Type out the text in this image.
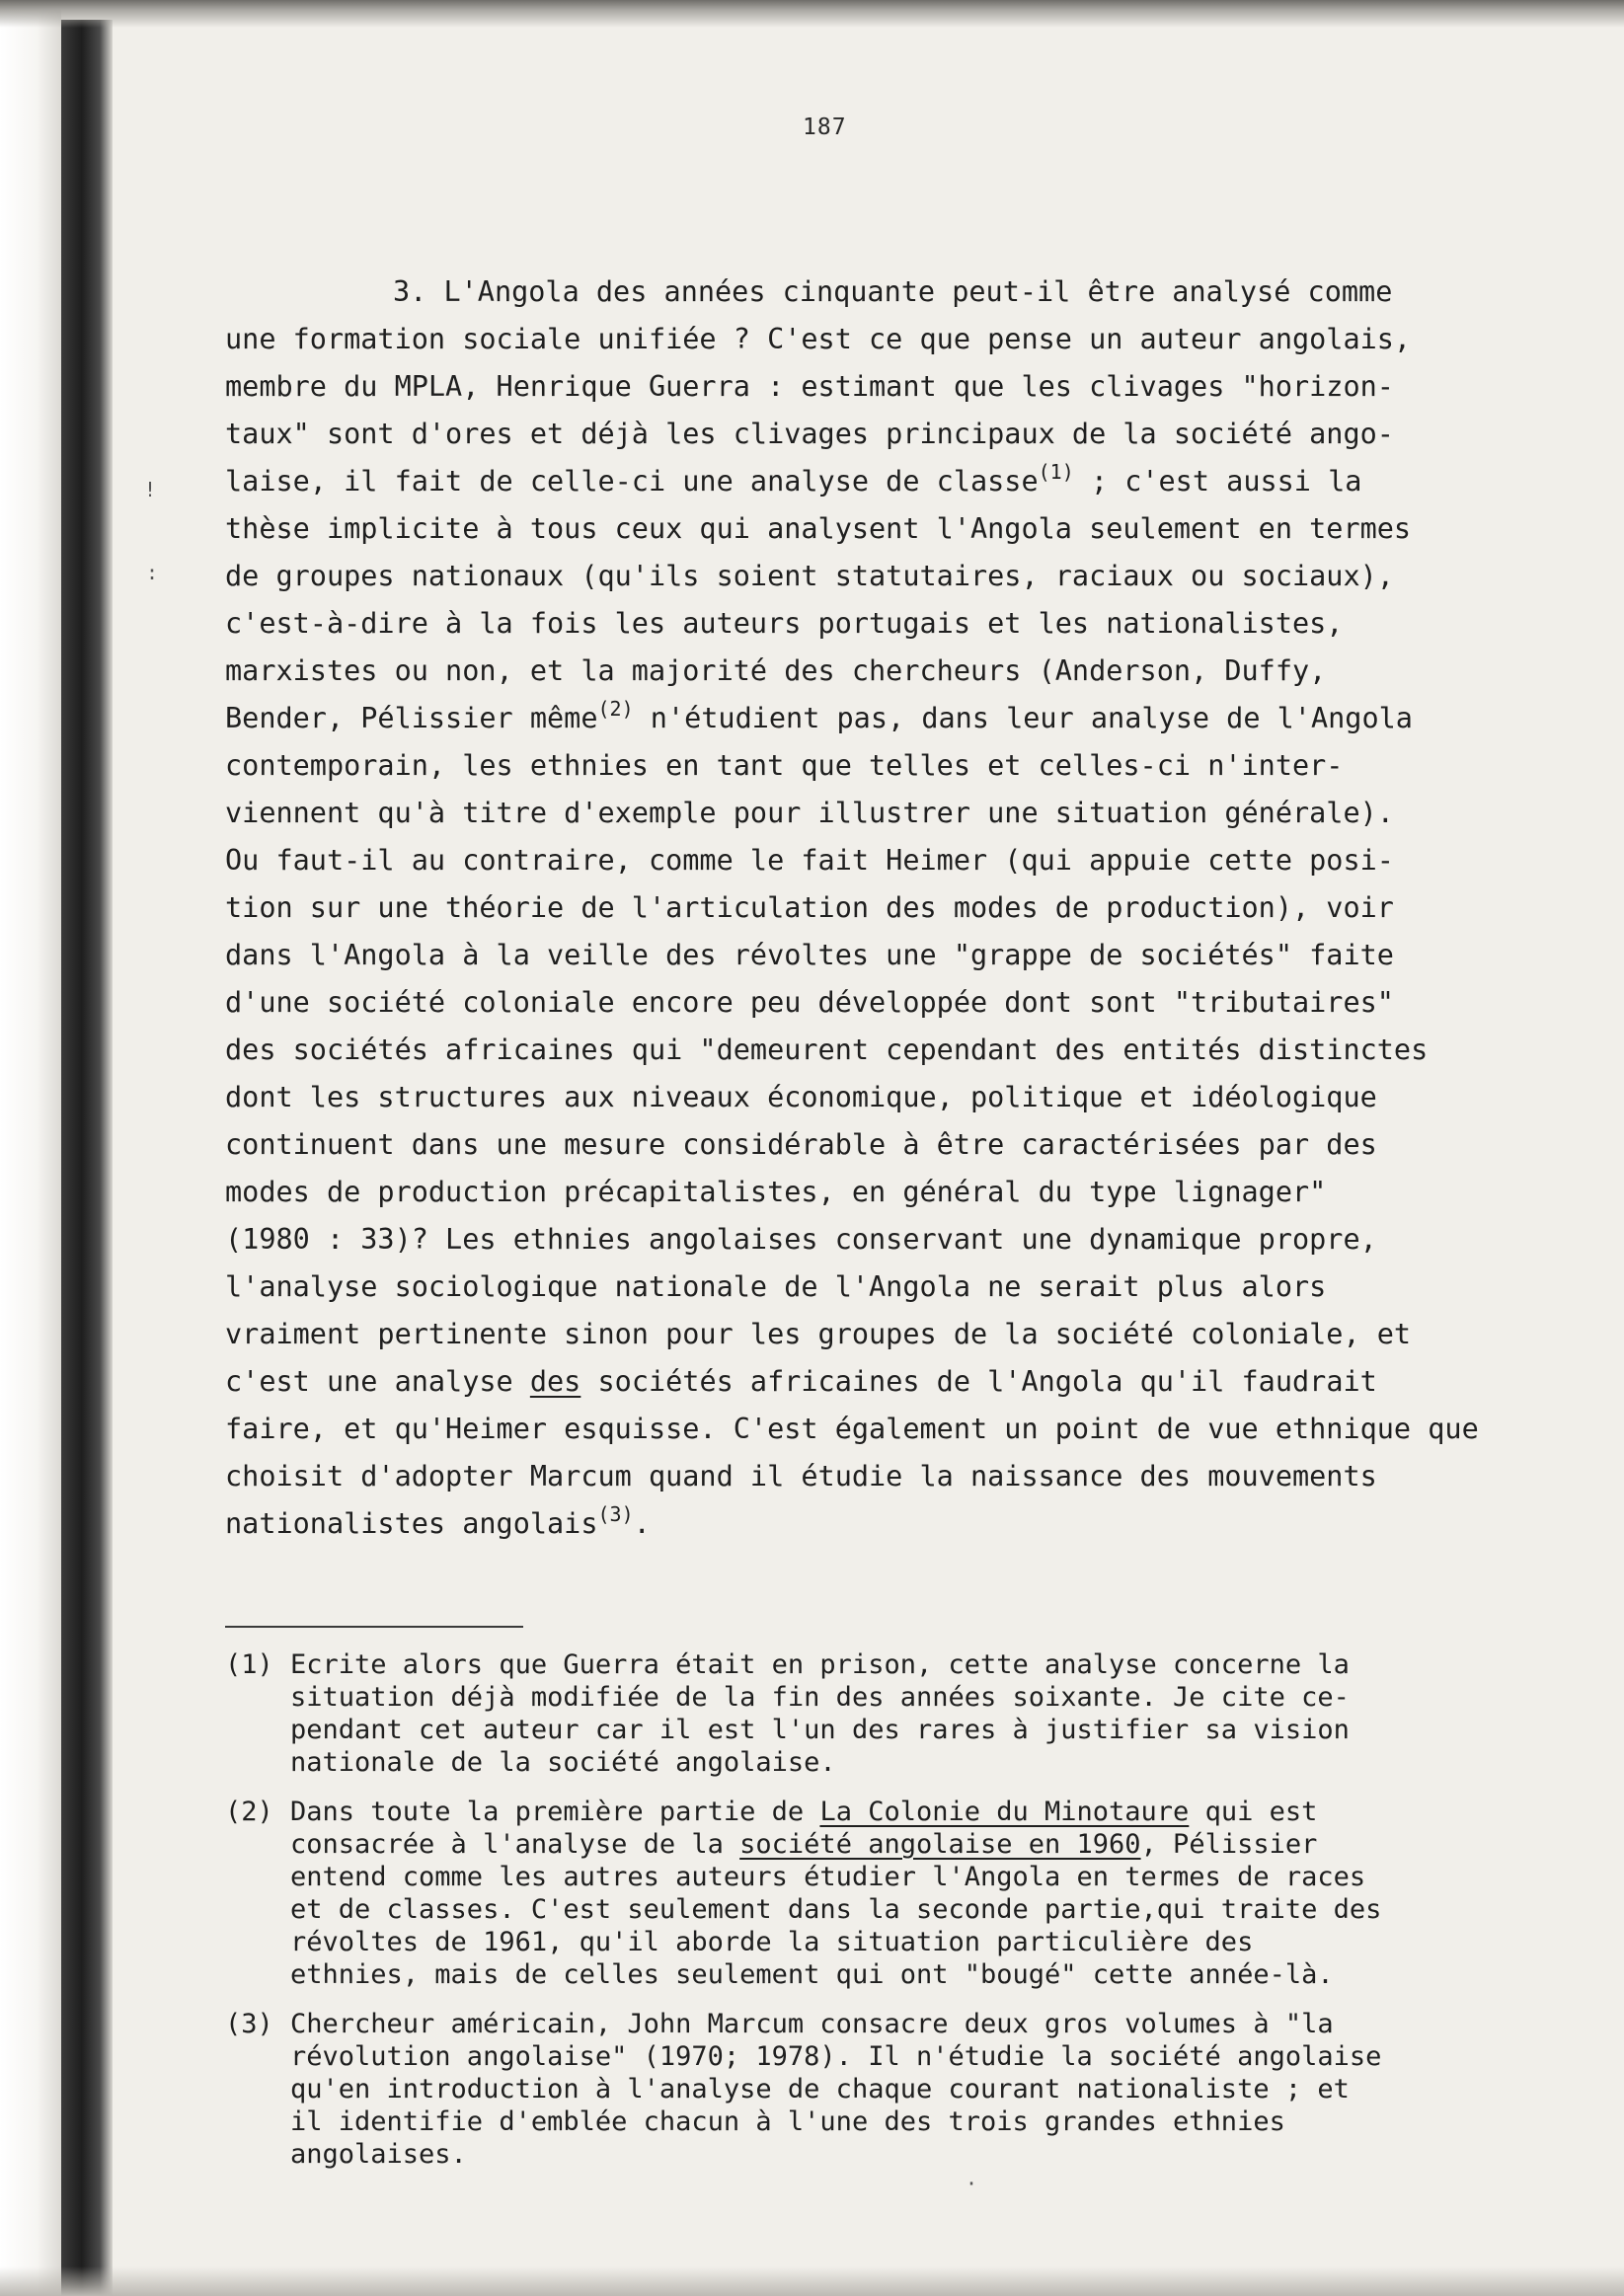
187
3. L'Angola des années cinquante peut-il être analysé comme
une formation sociale unifiée ? C'est ce que pense un auteur angolais,
membre du MPLA, Henrique Guerra : estimant que les clivages "horizon-
taux" sont d'ores et déjà les clivages principaux de la société ango-
laise, il fait de celle-ci une analyse de classe$^{(1)}$ ; c'est aussi la
thèse implicite à tous ceux qui analysent l'Angola seulement en termes
de groupes nationaux (qu'ils soient statutaires, raciaux ou sociaux),
c'est-à-dire à la fois les auteurs portugais et les nationalistes,
marxistes ou non, et la majorité des chercheurs (Anderson, Duffy,
Bender, Pélissier même$^{(2)}$ n'étudient pas, dans leur analyse de l'Angola
contemporain, les ethnies en tant que telles et celles-ci n'inter-
viennent qu'à titre d'exemple pour illustrer une situation générale).
Ou faut-il au contraire, comme le fait Heimer (qui appuie cette posi-
tion sur une théorie de l'articulation des modes de production), voir
dans l'Angola à la veille des révoltes une "grappe de sociétés" faite
d'une société coloniale encore peu développée dont sont "tributaires"
des sociétés africaines qui "demeurent cependant des entités distinctes
dont les structures aux niveaux économique, politique et idéologique
continuent dans une mesure considérable à être caractérisées par des
modes de production précapitalistes, en général du type lignager"
(1980 : 33)? Les ethnies angolaises conservant une dynamique propre,
l'analyse sociologique nationale de l'Angola ne serait plus alors
vraiment pertinente sinon pour les groupes de la société coloniale, et
c'est une analyse des sociétés africaines de l'Angola qu'il faudrait
faire, et qu'Heimer esquisse. C'est également un point de vue ethnique que
choisit d'adopter Marcum quand il étudie la naissance des mouvements
nationalistes angolais$^{(3)}$.
(1) Ecrite alors que Guerra était en prison, cette analyse concerne la
situation déjà modifiée de la fin des années soixante. Je cite ce-
pendant cet auteur car il est l'un des rares à justifier sa vision
nationale de la société angolaise.
(2) Dans toute la première partie de La Colonie du Minotaure qui est
consacrée à l'analyse de la société angolaise en 1960, Pélissier
entend comme les autres auteurs étudier l'Angola en termes de races
et de classes. C'est seulement dans la seconde partie,qui traite des
révoltes de 1961, qu'il aborde la situation particulière des
ethnies, mais de celles seulement qui ont "bougé" cette année-là.
(3) Chercheur américain, John Marcum consacre deux gros volumes à "la
révolution angolaise" (1970; 1978). Il n'étudie la société angolaise
qu'en introduction à l'analyse de chaque courant nationaliste ; et
il identifie d'emblée chacun à l'une des trois grandes ethnies
angolaises.
!
:
·
